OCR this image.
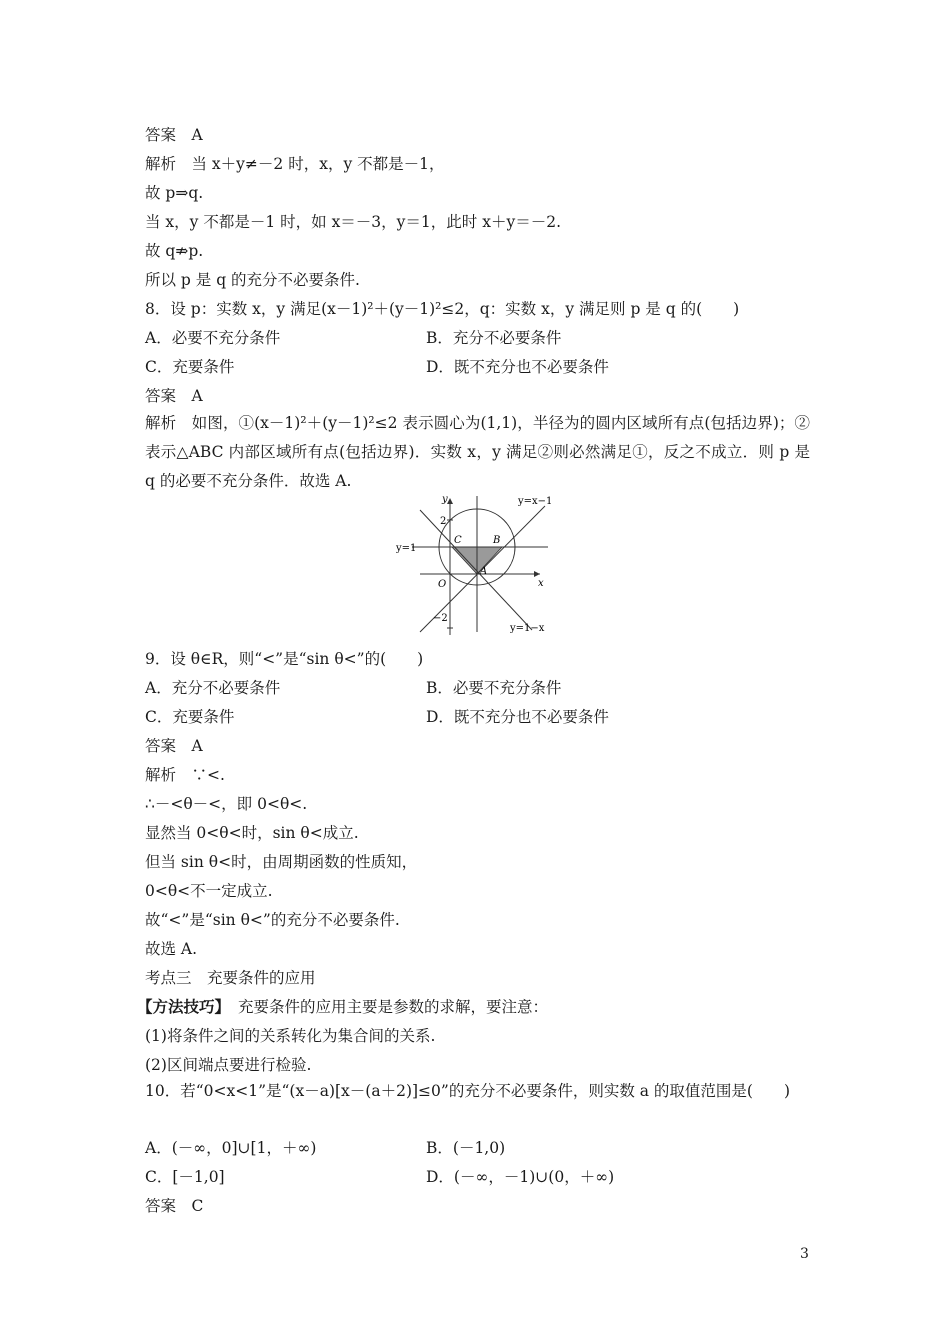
答案　A
解析　当 x＋y≠－2 时，x，y 不都是－1，
故 p⇒q.
当 x，y 不都是－1 时，如 x＝－3，y＝1，此时 x＋y＝－2.
故 q⇏p.
所以 p 是 q 的充分不必要条件.
8．设 p：实数 x，y 满足(x－1)²＋(y－1)²≤2，q：实数 x，y 满足则 p 是 q 的(　　)
A．必要不充分条件	B．充分不必要条件
C．充要条件	D．既不充分也不必要条件
答案　A
解析　如图，①(x－1)²＋(y－1)²≤2 表示圆心为(1,1)，半径为的圆内区域所有点(包括边界)；②表示△ABC 内部区域所有点(包括边界)．实数 x，y 满足②则必然满足①，反之不成立．则 p 是 q 的必要不充分条件．故选 A.
y
x
2
−2
O
y=1
y=x−1
y=1−x
A
B
C
9．设 θ∈R，则“<”是“sin θ<”的(　　)
A．充分不必要条件	B．必要不充分条件
C．充要条件	D．既不充分也不必要条件
答案　A
解析　∵<.
∴－<θ－<，即 0<θ<.
显然当 0<θ<时，sin θ<成立.
但当 sin θ<时，由周期函数的性质知，
0<θ<不一定成立.
故“<”是“sin θ<”的充分不必要条件.
故选 A.
考点三　充要条件的应用
【方法技巧】 充要条件的应用主要是参数的求解，要注意：
(1)将条件之间的关系转化为集合间的关系.
(2)区间端点要进行检验.
10．若“0<x<1”是“(x－a)[x－(a＋2)]≤0”的充分不必要条件，则实数 a 的取值范围是(　　)
A．(－∞，0]∪[1，＋∞)	B．(－1,0)
C．[－1,0]	D．(－∞，－1)∪(0，＋∞)
答案　C
3
